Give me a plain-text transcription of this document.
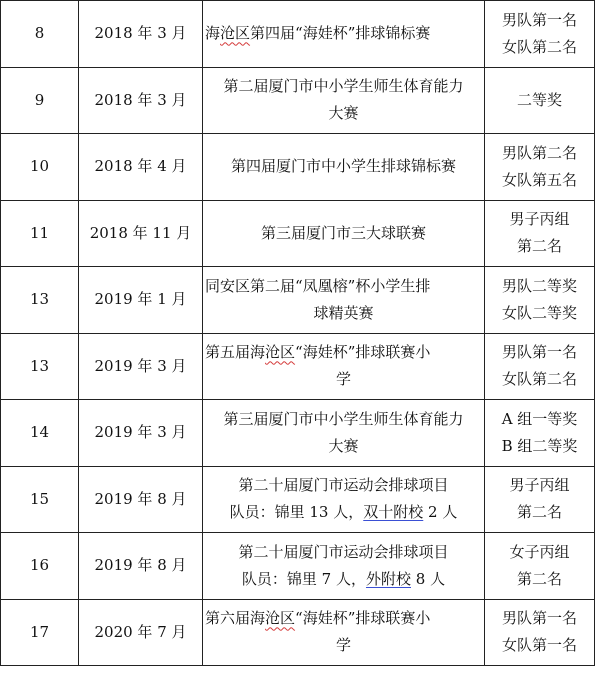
8	2018 年 3 月	海沧区第四届“海娃杯”排球锦标赛	男队第一名
女队第二名

9	2018 年 3 月	第二届厦门市中小学生师生体育能力
大赛	二等奖

10	2018 年 4 月	第四届厦门市中小学生排球锦标赛	男队第二名
女队第五名

11	2018 年 11 月	第三届厦门市三大球联赛	男子丙组
第二名

13	2019 年 1 月	同安区第二届“凤凰榕”杯小学生排
球精英赛	男队二等奖
女队二等奖

13	2019 年 3 月	第五届海沧区“海娃杯”排球联赛小
学	男队第一名
女队第二名

14	2019 年 3 月	第三届厦门市中小学生师生体育能力
大赛	A 组一等奖
B 组二等奖

15	2019 年 8 月	第二十届厦门市运动会排球项目
队员：锦里 13 人，双十附校 2 人	男子丙组
第二名

16	2019 年 8 月	第二十届厦门市运动会排球项目
队员：锦里 7 人，外附校 8 人	女子丙组
第二名

17	2020 年 7 月	第六届海沧区“海娃杯”排球联赛小
学	男队第一名
女队第一名
